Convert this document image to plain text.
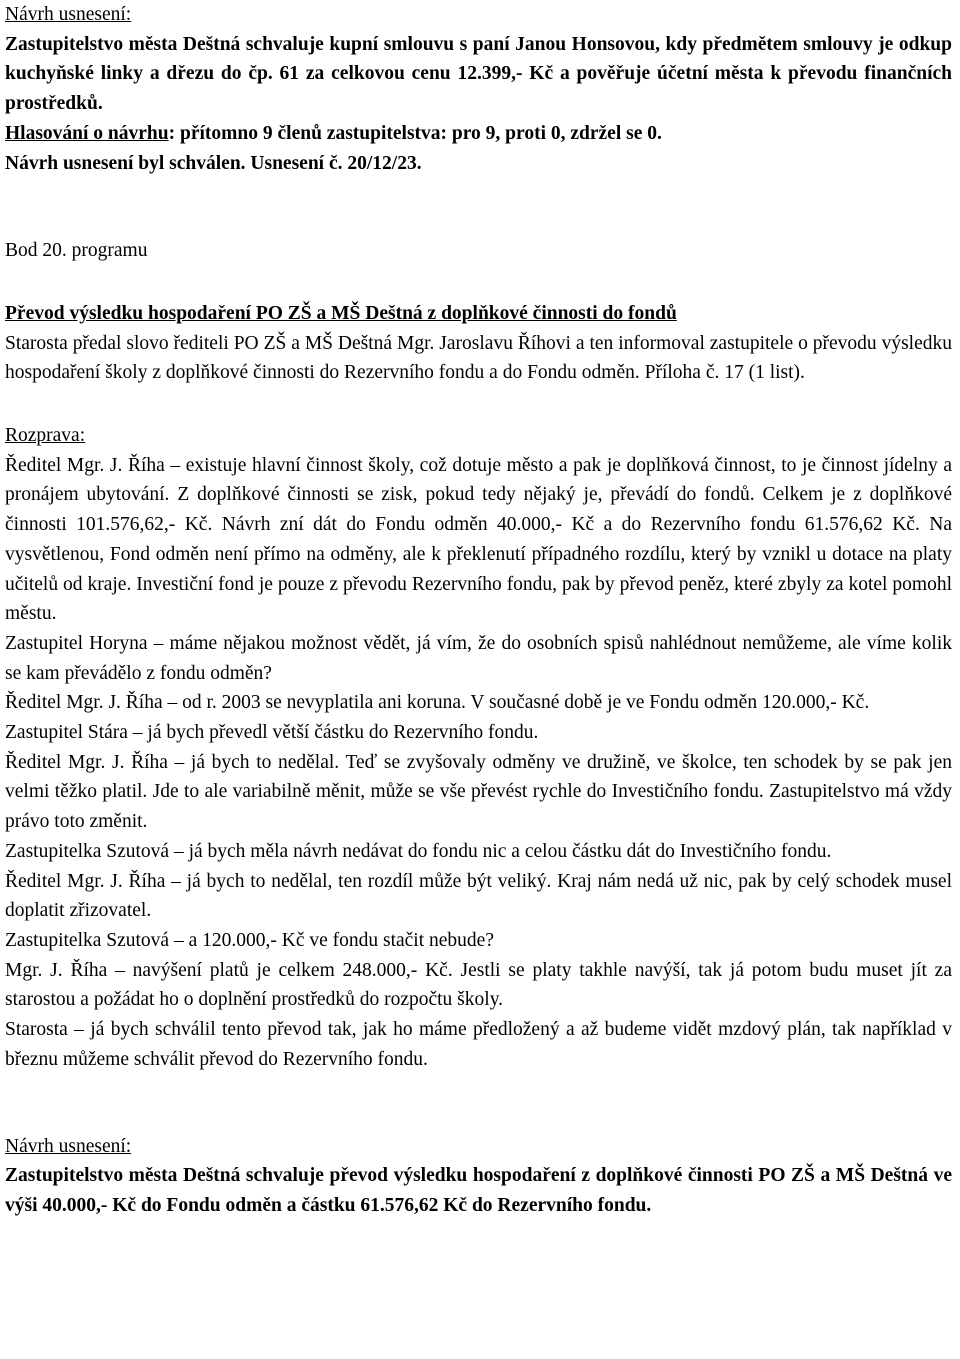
Návrh usnesení:

Zastupitelstvo města Deštná schvaluje kupní smlouvu s paní Janou Honsovou, kdy předmětem smlouvy je odkup kuchyňské linky a dřezu do čp. 61 za celkovou cenu 12.399,- Kč a pověřuje účetní města k převodu finančních prostředků.

Hlasování o návrhu: přítomno 9 členů zastupitelstva: pro 9, proti 0, zdržel se 0.

Návrh usnesení byl schválen. Usnesení č. 20/12/23.

Bod 20. programu

Převod výsledku hospodaření PO ZŠ a MŠ Deštná z doplňkové činnosti do fondů

Starosta předal slovo řediteli PO ZŠ a MŠ Deštná Mgr. Jaroslavu Říhovi a ten informoval zastupitele o převodu výsledku hospodaření školy z doplňkové činnosti do Rezervního fondu a do Fondu odměn. Příloha č. 17 (1 list).

Rozprava:

Ředitel Mgr. J. Říha – existuje hlavní činnost školy, což dotuje město a pak je doplňková činnost, to je činnost jídelny a pronájem ubytování. Z doplňkové činnosti se zisk, pokud tedy nějaký je, převádí do fondů. Celkem je z doplňkové činnosti 101.576,62,- Kč. Návrh zní dát do Fondu odměn 40.000,- Kč a do Rezervního fondu 61.576,62 Kč. Na vysvětlenou, Fond odměn není přímo na odměny, ale k překlenutí případného rozdílu, který by vznikl u dotace na platy učitelů od kraje. Investiční fond je pouze z převodu Rezervního fondu, pak by převod peněz, které zbyly za kotel pomohl městu.

Zastupitel Horyna – máme nějakou možnost vědět, já vím, že do osobních spisů nahlédnout nemůžeme, ale víme kolik se kam převádělo z fondu odměn?

Ředitel Mgr. J. Říha – od r. 2003 se nevyplatila ani koruna. V současné době je ve Fondu odměn 120.000,- Kč.

Zastupitel Stára – já bych převedl větší částku do Rezervního fondu.

Ředitel Mgr. J. Říha – já bych to nedělal. Teď se zvyšovaly odměny ve družině, ve školce, ten schodek by se pak jen velmi těžko platil. Jde to ale variabilně měnit, může se vše převést rychle do Investičního fondu. Zastupitelstvo má vždy právo toto změnit.

Zastupitelka Szutová – já bych měla návrh nedávat do fondu nic a celou částku dát do Investičního fondu.

Ředitel Mgr. J. Říha – já bych to nedělal, ten rozdíl může být veliký. Kraj nám nedá už nic, pak by celý schodek musel doplatit zřizovatel.

Zastupitelka Szutová – a 120.000,- Kč ve fondu stačit nebude?

Mgr. J. Říha – navýšení platů je celkem 248.000,- Kč. Jestli se platy takhle navýší, tak já potom budu muset jít za starostou a požádat ho o doplnění prostředků do rozpočtu školy.

Starosta – já bych schválil tento převod tak, jak ho máme předložený a až budeme vidět mzdový plán, tak například v březnu můžeme schválit převod do Rezervního fondu.

Návrh usnesení:

Zastupitelstvo města Deštná schvaluje převod výsledku hospodaření z doplňkové činnosti PO ZŠ a MŠ Deštná ve výši 40.000,- Kč do Fondu odměn a částku 61.576,62 Kč do Rezervního fondu.
